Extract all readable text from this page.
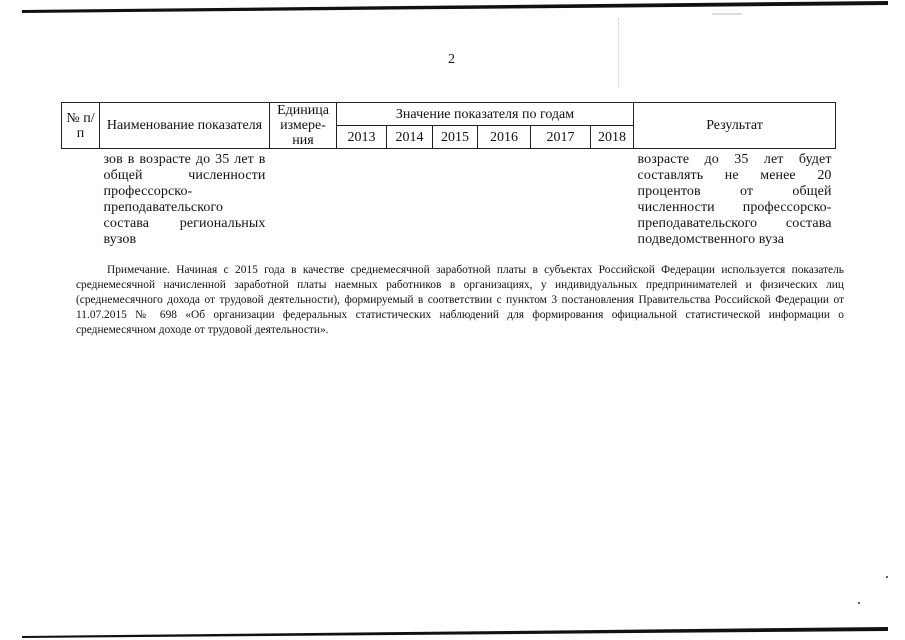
2
№ п/п	Наименование показателя	Единица измере-ния	Значение показателя по годам						Результат
			2013	2014	2015	2016	2017	2018	
	зов в возрасте до 35 лет в общей численности профессорско-преподавательского состава региональных вузов								возрасте до 35 лет будет составлять не менее 20 процентов от общей численности профессорско-преподавательского состава подведомственного вуза
Примечание. Начиная с 2015 года в качестве среднемесячной заработной платы в субъектах Российской Федерации используется показатель среднемесячной начисленной заработной платы наемных работников в организациях, у индивидуальных предпринимателей и физических лиц (среднемесячного дохода от трудовой деятельности), формируемый в соответствии с пунктом 3 постановления Правительства Российской Федерации от 11.07.2015 № 698 «Об организации федеральных статистических наблюдений для формирования официальной статистической информации о среднемесячном доходе от трудовой деятельности».
